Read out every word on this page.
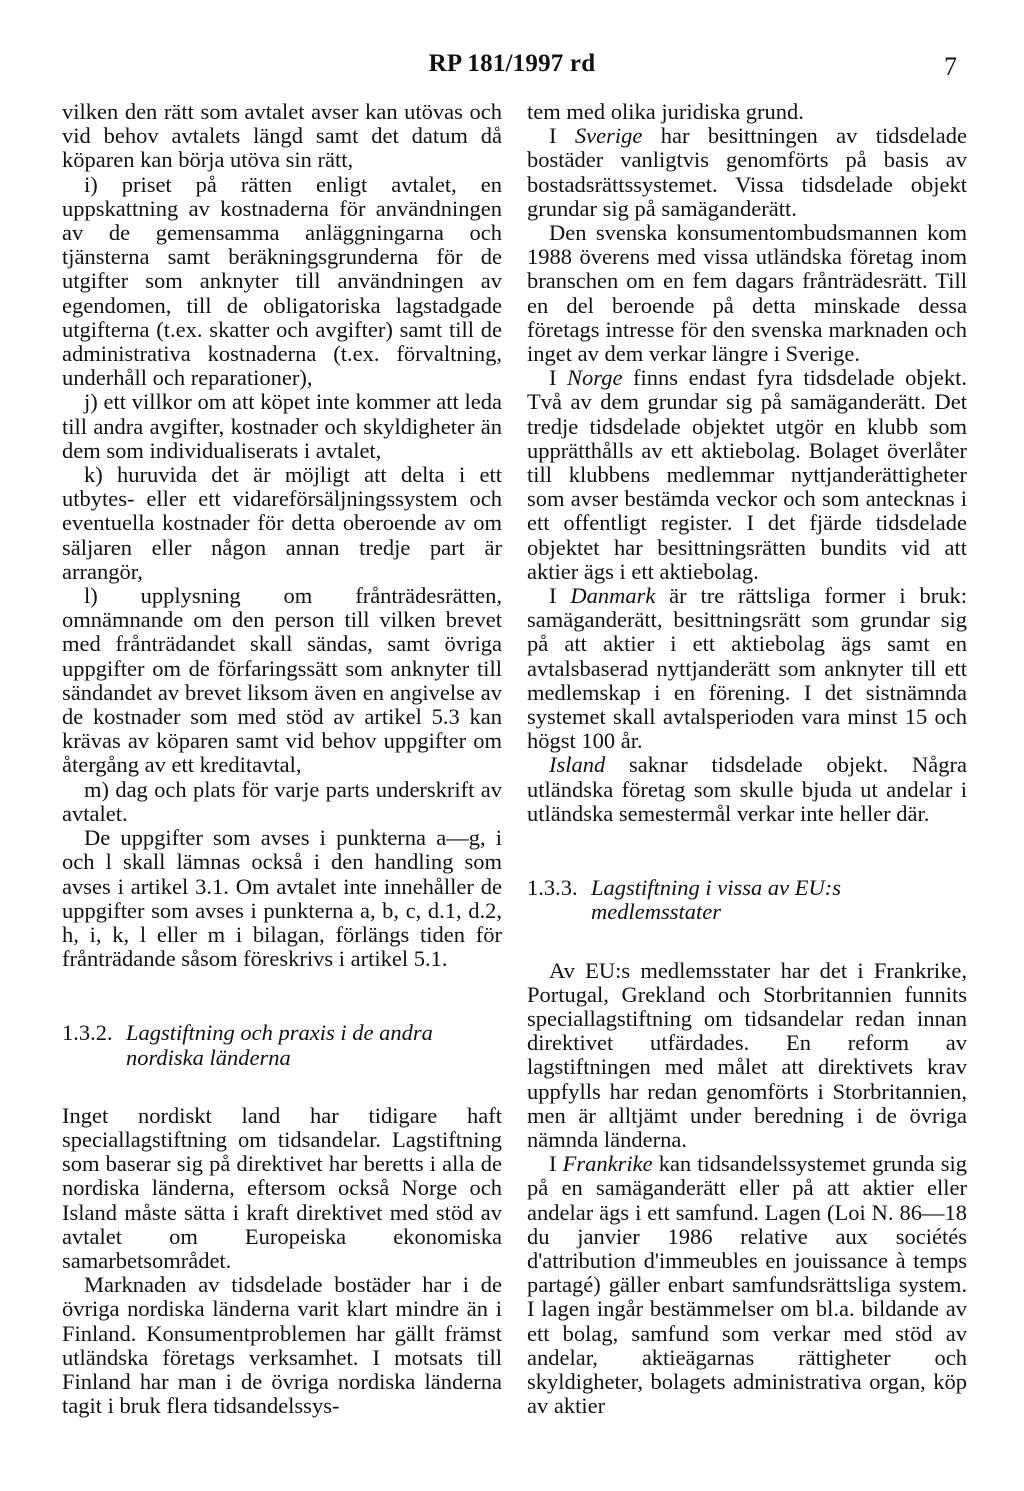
RP 181/1997 rd	7

vilken den rätt som avtalet avser kan utövas och vid behov avtalets längd samt det datum då köparen kan börja utöva sin rätt,

i) priset på rätten enligt avtalet, en uppskattning av kostnaderna för användningen av de gemensamma anläggningarna och tjänsterna samt beräkningsgrunderna för de utgifter som anknyter till användningen av egendomen, till de obligatoriska lagstadgade utgifterna (t.ex. skatter och avgifter) samt till de administrativa kostnaderna (t.ex. förvaltning, underhåll och reparationer),

j) ett villkor om att köpet inte kommer att leda till andra avgifter, kostnader och skyldigheter än dem som individualiserats i avtalet,

k) huruvida det är möjligt att delta i ett utbytes- eller ett vidareförsäljningssystem och eventuella kostnader för detta oberoende av om säljaren eller någon annan tredje part är arrangör,

l) upplysning om frånträdesrätten, omnämnande om den person till vilken brevet med frånträdandet skall sändas, samt övriga uppgifter om de förfaringssätt som anknyter till sändandet av brevet liksom även en angivelse av de kostnader som med stöd av artikel 5.3 kan krävas av köparen samt vid behov uppgifter om återgång av ett kreditavtal,

m) dag och plats för varje parts underskrift av avtalet.

De uppgifter som avses i punkterna a—g, i och l skall lämnas också i den handling som avses i artikel 3.1. Om avtalet inte innehåller de uppgifter som avses i punkterna a, b, c, d.1, d.2, h, i, k, l eller m i bilagan, förlängs tiden för frånträdande såsom föreskrivs i artikel 5.1.

1.3.2. Lagstiftning och praxis i de andra nordiska länderna

Inget nordiskt land har tidigare haft speciallagstiftning om tidsandelar. Lagstiftning som baserar sig på direktivet har beretts i alla de nordiska länderna, eftersom också Norge och Island måste sätta i kraft direktivet med stöd av avtalet om Europeiska ekonomiska samarbetsområdet.

Marknaden av tidsdelade bostäder har i de övriga nordiska länderna varit klart mindre än i Finland. Konsumentproblemen har gällt främst utländska företags verksamhet. I motsats till Finland har man i de övriga nordiska länderna tagit i bruk flera tidsandelssys-

tem med olika juridiska grund.

I Sverige har besittningen av tidsdelade bostäder vanligtvis genomförts på basis av bostadsrättssystemet. Vissa tidsdelade objekt grundar sig på samäganderätt.

Den svenska konsumentombudsmannen kom 1988 överens med vissa utländska företag inom branschen om en fem dagars frånträdesrätt. Till en del beroende på detta minskade dessa företags intresse för den svenska marknaden och inget av dem verkar längre i Sverige.

I Norge finns endast fyra tidsdelade objekt. Två av dem grundar sig på samäganderätt. Det tredje tidsdelade objektet utgör en klubb som upprätthålls av ett aktiebolag. Bolaget överlåter till klubbens medlemmar nyttjanderättigheter som avser bestämda veckor och som antecknas i ett offentligt register. I det fjärde tidsdelade objektet har besittningsrätten bundits vid att aktier ägs i ett aktiebolag.

I Danmark är tre rättsliga former i bruk: samäganderätt, besittningsrätt som grundar sig på att aktier i ett aktiebolag ägs samt en avtalsbaserad nyttjanderätt som anknyter till ett medlemskap i en förening. I det sistnämnda systemet skall avtalsperioden vara minst 15 och högst 100 år.

Island saknar tidsdelade objekt. Några utländska företag som skulle bjuda ut andelar i utländska semestermål verkar inte heller där.

1.3.3. Lagstiftning i vissa av EU:s medlemsstater

Av EU:s medlemsstater har det i Frankrike, Portugal, Grekland och Storbritannien funnits speciallagstiftning om tidsandelar redan innan direktivet utfärdades. En reform av lagstiftningen med målet att direktivets krav uppfylls har redan genomförts i Storbritannien, men är alltjämt under beredning i de övriga nämnda länderna.

I Frankrike kan tidsandelssystemet grunda sig på en samäganderätt eller på att aktier eller andelar ägs i ett samfund. Lagen (Loi N. 86—18 du janvier 1986 relative aux sociétés d'attribution d'immeubles en jouissance à temps partagé) gäller enbart samfundsrättsliga system. I lagen ingår bestämmelser om bl.a. bildande av ett bolag, samfund som verkar med stöd av andelar, aktieägarnas rättigheter och skyldigheter, bolagets administrativa organ, köp av aktier
